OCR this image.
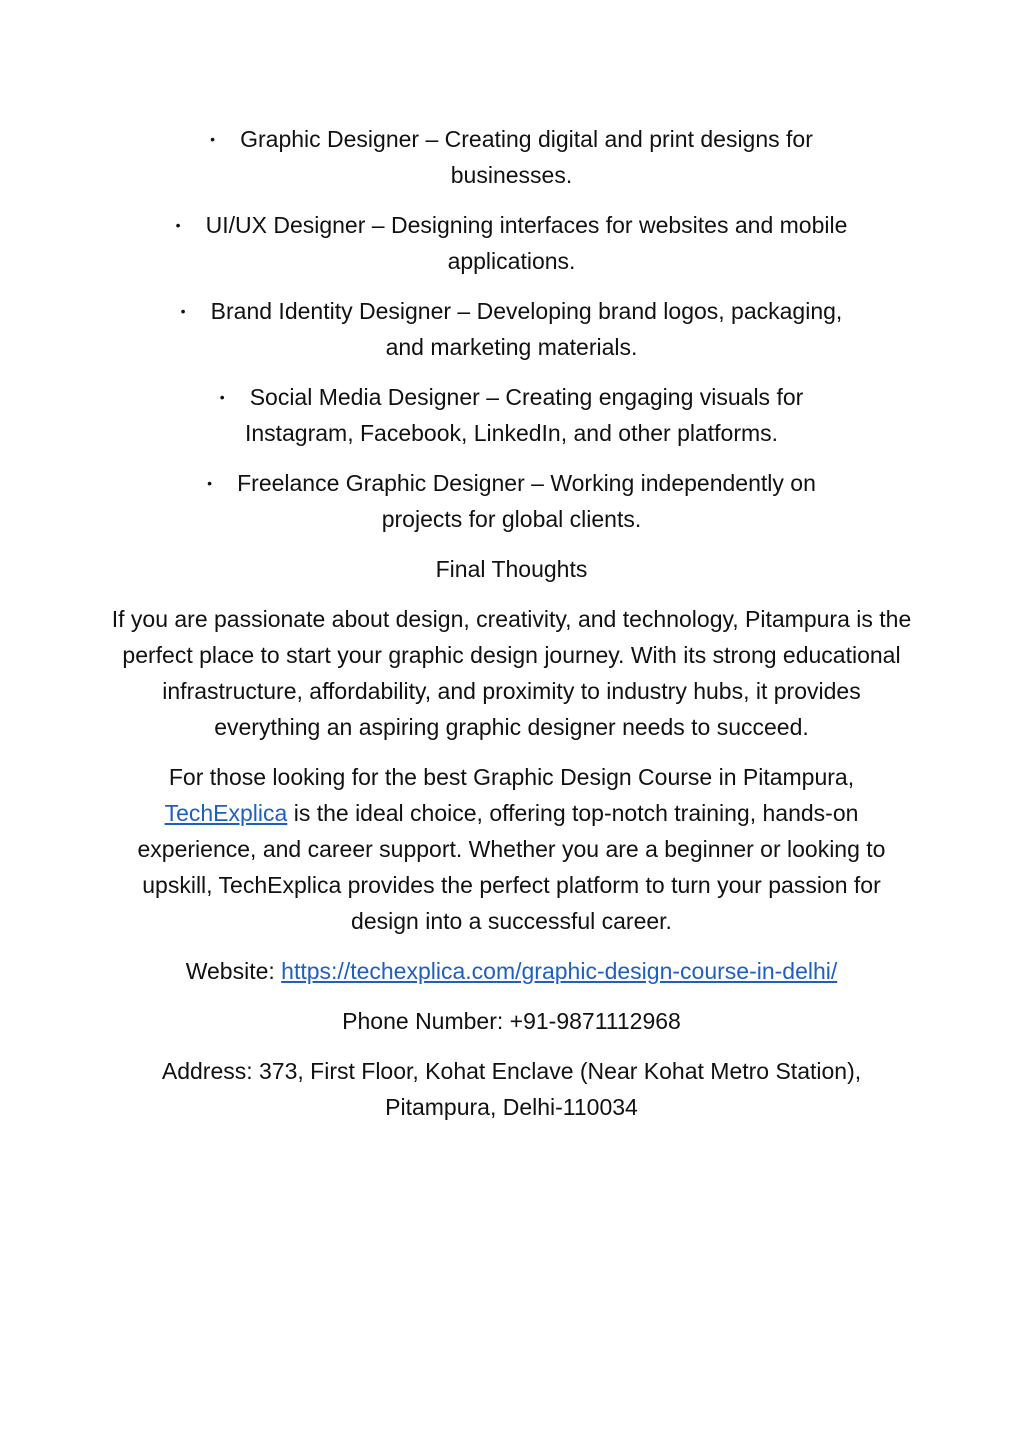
• Graphic Designer – Creating digital and print designs for
businesses.
• UI/UX Designer – Designing interfaces for websites and mobile
applications.
• Brand Identity Designer – Developing brand logos, packaging,
and marketing materials.
• Social Media Designer – Creating engaging visuals for
Instagram, Facebook, LinkedIn, and other platforms.
• Freelance Graphic Designer – Working independently on
projects for global clients.
Final Thoughts
If you are passionate about design, creativity, and technology, Pitampura is the perfect place to start your graphic design journey. With its strong educational infrastructure, affordability, and proximity to industry hubs, it provides everything an aspiring graphic designer needs to succeed.
For those looking for the best Graphic Design Course in Pitampura, TechExplica is the ideal choice, offering top-notch training, hands-on experience, and career support. Whether you are a beginner or looking to upskill, TechExplica provides the perfect platform to turn your passion for design into a successful career.
Website: https://techexplica.com/graphic-design-course-in-delhi/
Phone Number: +91-9871112968
Address: 373, First Floor, Kohat Enclave (Near Kohat Metro Station),
Pitampura, Delhi-110034
